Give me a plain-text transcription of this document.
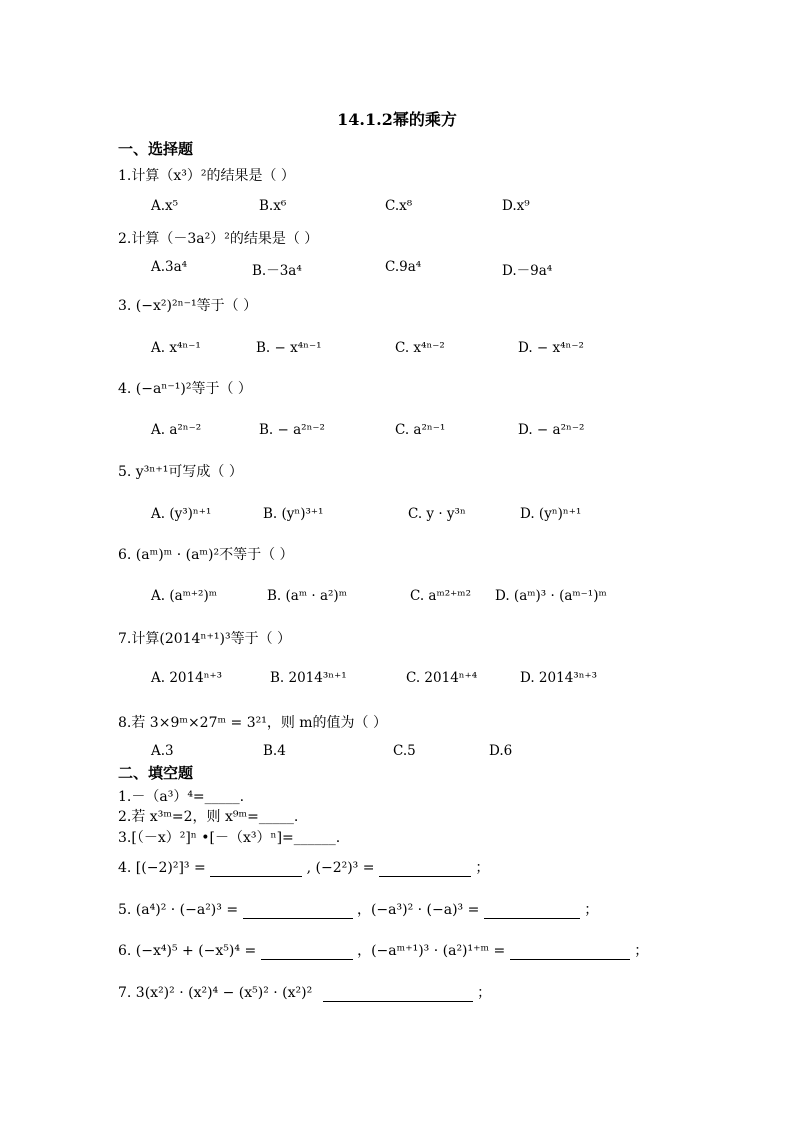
14.1.2幂的乘方
一、选择题
1.计算（x³）²的结果是（ ）
A.x⁵	B.x⁶	C.x⁸	D.x⁹
2.计算（－3a²）²的结果是（ ）
A.3a⁴	B.－3a⁴	C.9a⁴	D.－9a⁴
3. (−x²)²ⁿ⁻¹等于（ ）
A. x⁴ⁿ⁻¹	B. − x⁴ⁿ⁻¹	C. x⁴ⁿ⁻²	D. − x⁴ⁿ⁻²
4. (−aⁿ⁻¹)²等于（ ）
A. a²ⁿ⁻²	B. − a²ⁿ⁻²	C. a²ⁿ⁻¹	D. − a²ⁿ⁻²
5. y³ⁿ⁺¹可写成（ ）
A. (y³)ⁿ⁺¹	B. (yⁿ)³⁺¹	C. y · y³ⁿ	D. (yⁿ)ⁿ⁺¹
6. (aᵐ)ᵐ · (aᵐ)²不等于（ ）
A. (aᵐ⁺²)ᵐ	B. (aᵐ · a²)ᵐ	C. aᵐ²⁺ᵐ² D. (aᵐ)³ · (aᵐ⁻¹)ᵐ
7.计算(2014ⁿ⁺¹)³等于（ ）
A. 2014ⁿ⁺³	B. 2014³ⁿ⁺¹	C. 2014ⁿ⁺⁴	D. 2014³ⁿ⁺³
8.若 3×9ᵐ×27ᵐ = 3²¹，则 m的值为（ ）
A.3	B.4	C.5	D.6
二、填空题
1.－（a³）⁴=_____.
2.若 x³ᵐ=2，则 x⁹ᵐ=_____.
3.[（－x）²]ⁿ •[－（x³）ⁿ]=______.
4. [(−2)²]³ =	, (−2²)³ =	；
5. (a⁴)² · (−a²)³ =	，(−a³)² · (−a)³ =	；
6. (−x⁴)⁵ + (−x⁵)⁴ =	，(−aᵐ⁺¹)³ · (a²)¹⁺ᵐ =	；
7. 3(x²)² · (x²)⁴ − (x⁵)² · (x²)²	；
